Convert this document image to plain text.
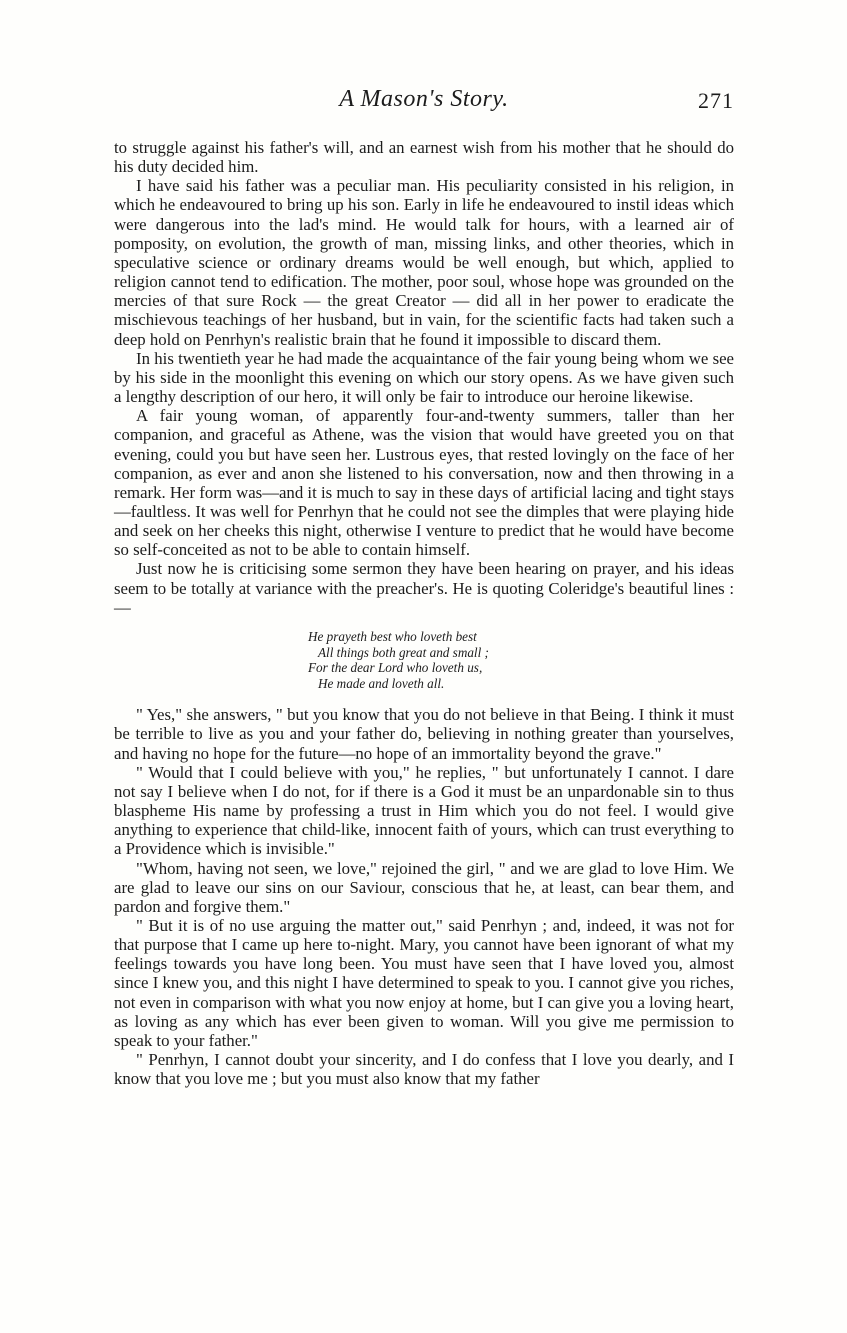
A Mason's Story.	271

to struggle against his father's will, and an earnest wish from his mother that he should do his duty decided him.

I have said his father was a peculiar man. His peculiarity consisted in his religion, in which he endeavoured to bring up his son. Early in life he endeavoured to instil ideas which were dangerous into the lad's mind. He would talk for hours, with a learned air of pomposity, on evolution, the growth of man, missing links, and other theories, which in speculative science or ordinary dreams would be well enough, but which, applied to religion cannot tend to edification. The mother, poor soul, whose hope was grounded on the mercies of that sure Rock — the great Creator — did all in her power to eradicate the mischievous teachings of her husband, but in vain, for the scientific facts had taken such a deep hold on Penrhyn's realistic brain that he found it impossible to discard them.

In his twentieth year he had made the acquaintance of the fair young being whom we see by his side in the moonlight this evening on which our story opens. As we have given such a lengthy description of our hero, it will only be fair to introduce our heroine likewise.

A fair young woman, of apparently four-and-twenty summers, taller than her companion, and graceful as Athene, was the vision that would have greeted you on that evening, could you but have seen her. Lustrous eyes, that rested lovingly on the face of her companion, as ever and anon she listened to his conversation, now and then throwing in a remark. Her form was—and it is much to say in these days of artificial lacing and tight stays—faultless. It was well for Penrhyn that he could not see the dimples that were playing hide and seek on her cheeks this night, otherwise I venture to predict that he would have become so self-conceited as not to be able to contain himself.

Just now he is criticising some sermon they have been hearing on prayer, and his ideas seem to be totally at variance with the preacher's. He is quoting Coleridge's beautiful lines :—

He prayeth best who loveth best
All things both great and small ;
For the dear Lord who loveth us,
He made and loveth all.

" Yes," she answers, " but you know that you do not believe in that Being. I think it must be terrible to live as you and your father do, believing in nothing greater than yourselves, and having no hope for the future—no hope of an immortality beyond the grave."

" Would that I could believe with you," he replies, " but unfortunately I cannot. I dare not say I believe when I do not, for if there is a God it must be an unpardonable sin to thus blaspheme His name by professing a trust in Him which you do not feel. I would give anything to experience that child-like, innocent faith of yours, which can trust everything to a Providence which is invisible."

"Whom, having not seen, we love," rejoined the girl, " and we are glad to love Him. We are glad to leave our sins on our Saviour, conscious that he, at least, can bear them, and pardon and forgive them."

" But it is of no use arguing the matter out," said Penrhyn ; and, indeed, it was not for that purpose that I came up here to-night. Mary, you cannot have been ignorant of what my feelings towards you have long been. You must have seen that I have loved you, almost since I knew you, and this night I have determined to speak to you. I cannot give you riches, not even in comparison with what you now enjoy at home, but I can give you a loving heart, as loving as any which has ever been given to woman. Will you give me permission to speak to your father."

" Penrhyn, I cannot doubt your sincerity, and I do confess that I love you dearly, and I know that you love me ; but you must also know that my father
